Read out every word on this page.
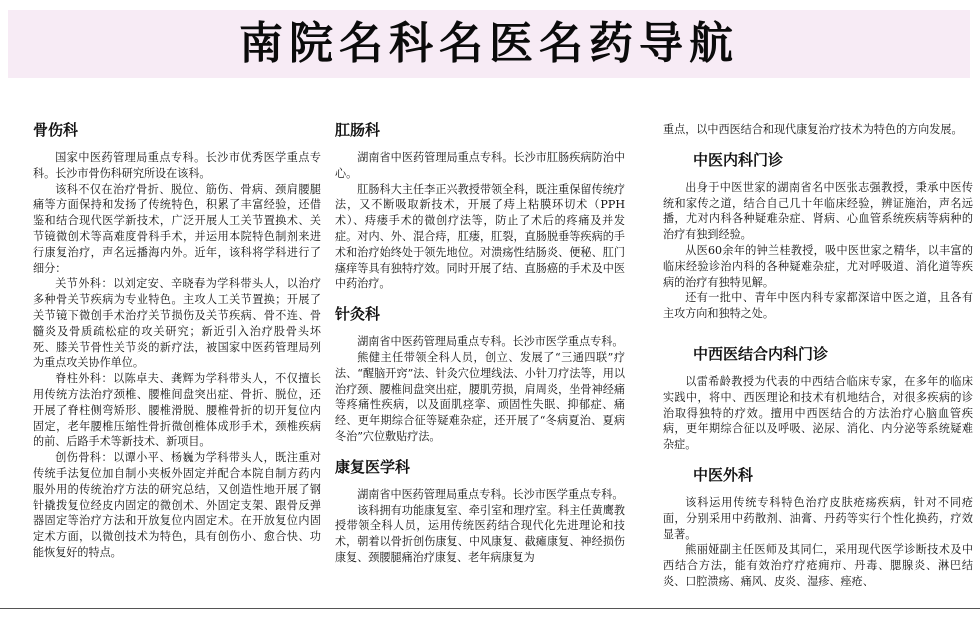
南院名科名医名药导航
骨伤科

国家中医药管理局重点专科。长沙市优秀医学重点专科。长沙市骨伤科研究所设在该科。

该科不仅在治疗骨折、脱位、筋伤、骨病、颈肩腰腿痛等方面保持和发扬了传统特色，积累了丰富经验，还借鉴和结合现代医学新技术，广泛开展人工关节置换术、关节镜微创术等高难度骨科手术，并运用本院特色制剂来进行康复治疗，声名远播海内外。近年，该科将学科进行了细分：

关节外科：以刘定安、辛晓春为学科带头人，以治疗多种骨关节疾病为专业特色。主攻人工关节置换；开展了关节镜下微创手术治疗关节损伤及关节疾病、骨不连、骨髓炎及骨质疏松症的攻关研究；新近引入治疗股骨头坏死、膝关节骨性关节炎的新疗法，被国家中医药管理局列为重点攻关协作单位。

脊柱外科：以陈卓夫、龚辉为学科带头人，不仅擅长用传统方法治疗颈椎、腰椎间盘突出症、骨折、脱位，还开展了脊柱侧弯矫形、腰椎滑脱、腰椎骨折的切开复位内固定，老年腰椎压缩性骨折微创椎体成形手术，颈椎疾病的前、后路手术等新技术、新项目。

创伤骨科：以谭小平、杨巍为学科带头人，既注重对传统手法复位加自制小夹板外固定并配合本院自制方药内服外用的传统治疗方法的研究总结，又创造性地开展了钢针撬拨复位经皮内固定的微创术、外固定支架、跟骨反弹器固定等治疗方法和开放复位内固定术。在开放复位内固定术方面，以微创技术为特色，具有创伤小、愈合快、功能恢复好的特点。

肛肠科

湖南省中医药管理局重点专科。长沙市肛肠疾病防治中心。

肛肠科大主任李正兴教授带领全科，既注重保留传统疗法，又不断吸取新技术，开展了痔上粘膜环切术（PPH术）、痔瘘手术的微创疗法等，防止了术后的疼痛及并发症。对内、外、混合痔，肛瘘，肛裂，直肠脱垂等疾病的手术和治疗始终处于领先地位。对溃疡性结肠炎、便秘、肛门瘙痒等具有独特疗效。同时开展了结、直肠癌的手术及中医中药治疗。

针灸科

湖南省中医药管理局重点专科。长沙市医学重点专科。

熊健主任带领全科人员，创立、发展了“三通四联”疗法、“醒脑开窍”法、针灸穴位埋线法、小针刀疗法等，用以治疗颈、腰椎间盘突出症，腰肌劳损，肩周炎，坐骨神经痛等疼痛性疾病，以及面肌痉挛、顽固性失眠、抑郁症、痛经、更年期综合征等疑难杂症，还开展了“冬病夏治、夏病冬治”穴位敷贴疗法。

康复医学科

湖南省中医药管理局重点专科。长沙市医学重点专科。

该科拥有功能康复室、牵引室和理疗室。科主任黄鹰教授带领全科人员，运用传统医药结合现代化先进理论和技术，朝着以骨折创伤康复、中风康复、截瘫康复、神经损伤康复、颈腰腿痛治疗康复、老年病康复为

重点，以中西医结合和现代康复治疗技术为特色的方向发展。

中医内科门诊

出身于中医世家的湖南省名中医张志强教授，秉承中医传统和家传之道，结合自己几十年临床经验，辨证施治，声名远播，尤对内科各种疑难杂症、肾病、心血管系统疾病等病种的治疗有独到经验。

从医60余年的钟兰桂教授，吸中医世家之精华，以丰富的临床经验诊治内科的各种疑难杂症，尤对呼吸道、消化道等疾病的治疗有独特见解。

还有一批中、青年中医内科专家都深谙中医之道，且各有主攻方向和独特之处。

中西医结合内科门诊

以雷希龄教授为代表的中西结合临床专家，在多年的临床实践中，将中、西医理论和技术有机地结合，对很多疾病的诊治取得独特的疗效。擅用中西医结合的方法治疗心脑血管疾病，更年期综合征以及呼吸、泌尿、消化、内分泌等系统疑难杂症。

中医外科

该科运用传统专科特色治疗皮肤疮疡疾病，针对不同疮面，分别采用中药散剂、油膏、丹药等实行个性化换药，疗效显著。

熊丽娅副主任医师及其同仁，采用现代医学诊断技术及中西结合方法，能有效治疗疗疮痈疖、丹毒、腮腺炎、淋巴结炎、口腔溃疡、痛风、皮炎、湿疹、痤疮、
